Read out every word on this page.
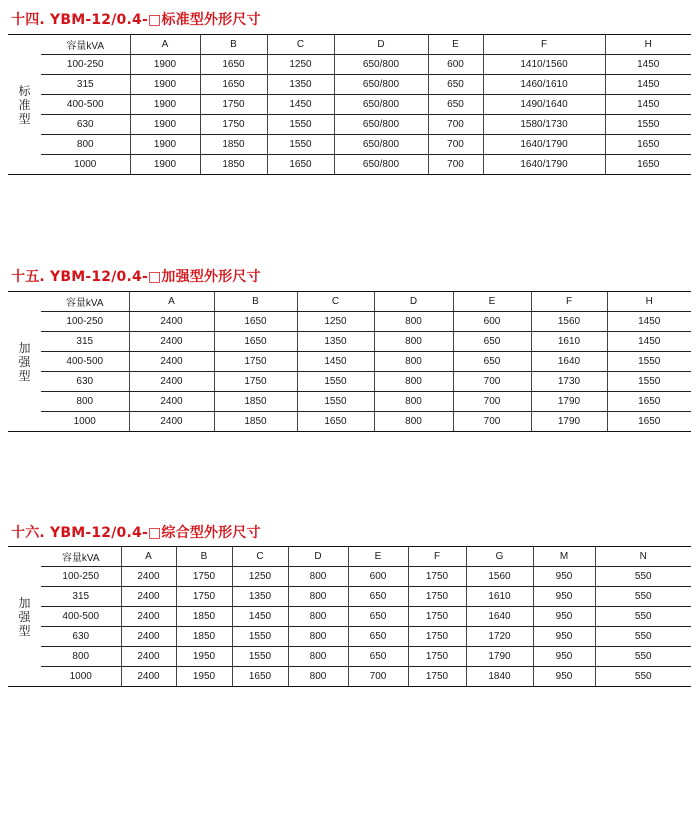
十四. YBM-12/0.4-□标准型外形尺寸
标
准
型	容量kVA	A	B	C	D	E	F	H
	100-250	1900	1650	1250	650/800	600	1410/1560	1450
	315	1900	1650	1350	650/800	650	1460/1610	1450
	400-500	1900	1750	1450	650/800	650	1490/1640	1450
	630	1900	1750	1550	650/800	700	1580/1730	1550
	800	1900	1850	1550	650/800	700	1640/1790	1650
	1000	1900	1850	1650	650/800	700	1640/1790	1650
十五. YBM-12/0.4-□加强型外形尺寸
加
强
型	容量kVA	A	B	C	D	E	F	H
	100-250	2400	1650	1250	800	600	1560	1450
	315	2400	1650	1350	800	650	1610	1450
	400-500	2400	1750	1450	800	650	1640	1550
	630	2400	1750	1550	800	700	1730	1550
	800	2400	1850	1550	800	700	1790	1650
	1000	2400	1850	1650	800	700	1790	1650
十六. YBM-12/0.4-□综合型外形尺寸
加
强
型	容量kVA	A	B	C	D	E	F	G	M	N
	100-250	2400	1750	1250	800	600	1750	1560	950	550
	315	2400	1750	1350	800	650	1750	1610	950	550
	400-500	2400	1850	1450	800	650	1750	1640	950	550
	630	2400	1850	1550	800	650	1750	1720	950	550
	800	2400	1950	1550	800	650	1750	1790	950	550
	1000	2400	1950	1650	800	700	1750	1840	950	550
